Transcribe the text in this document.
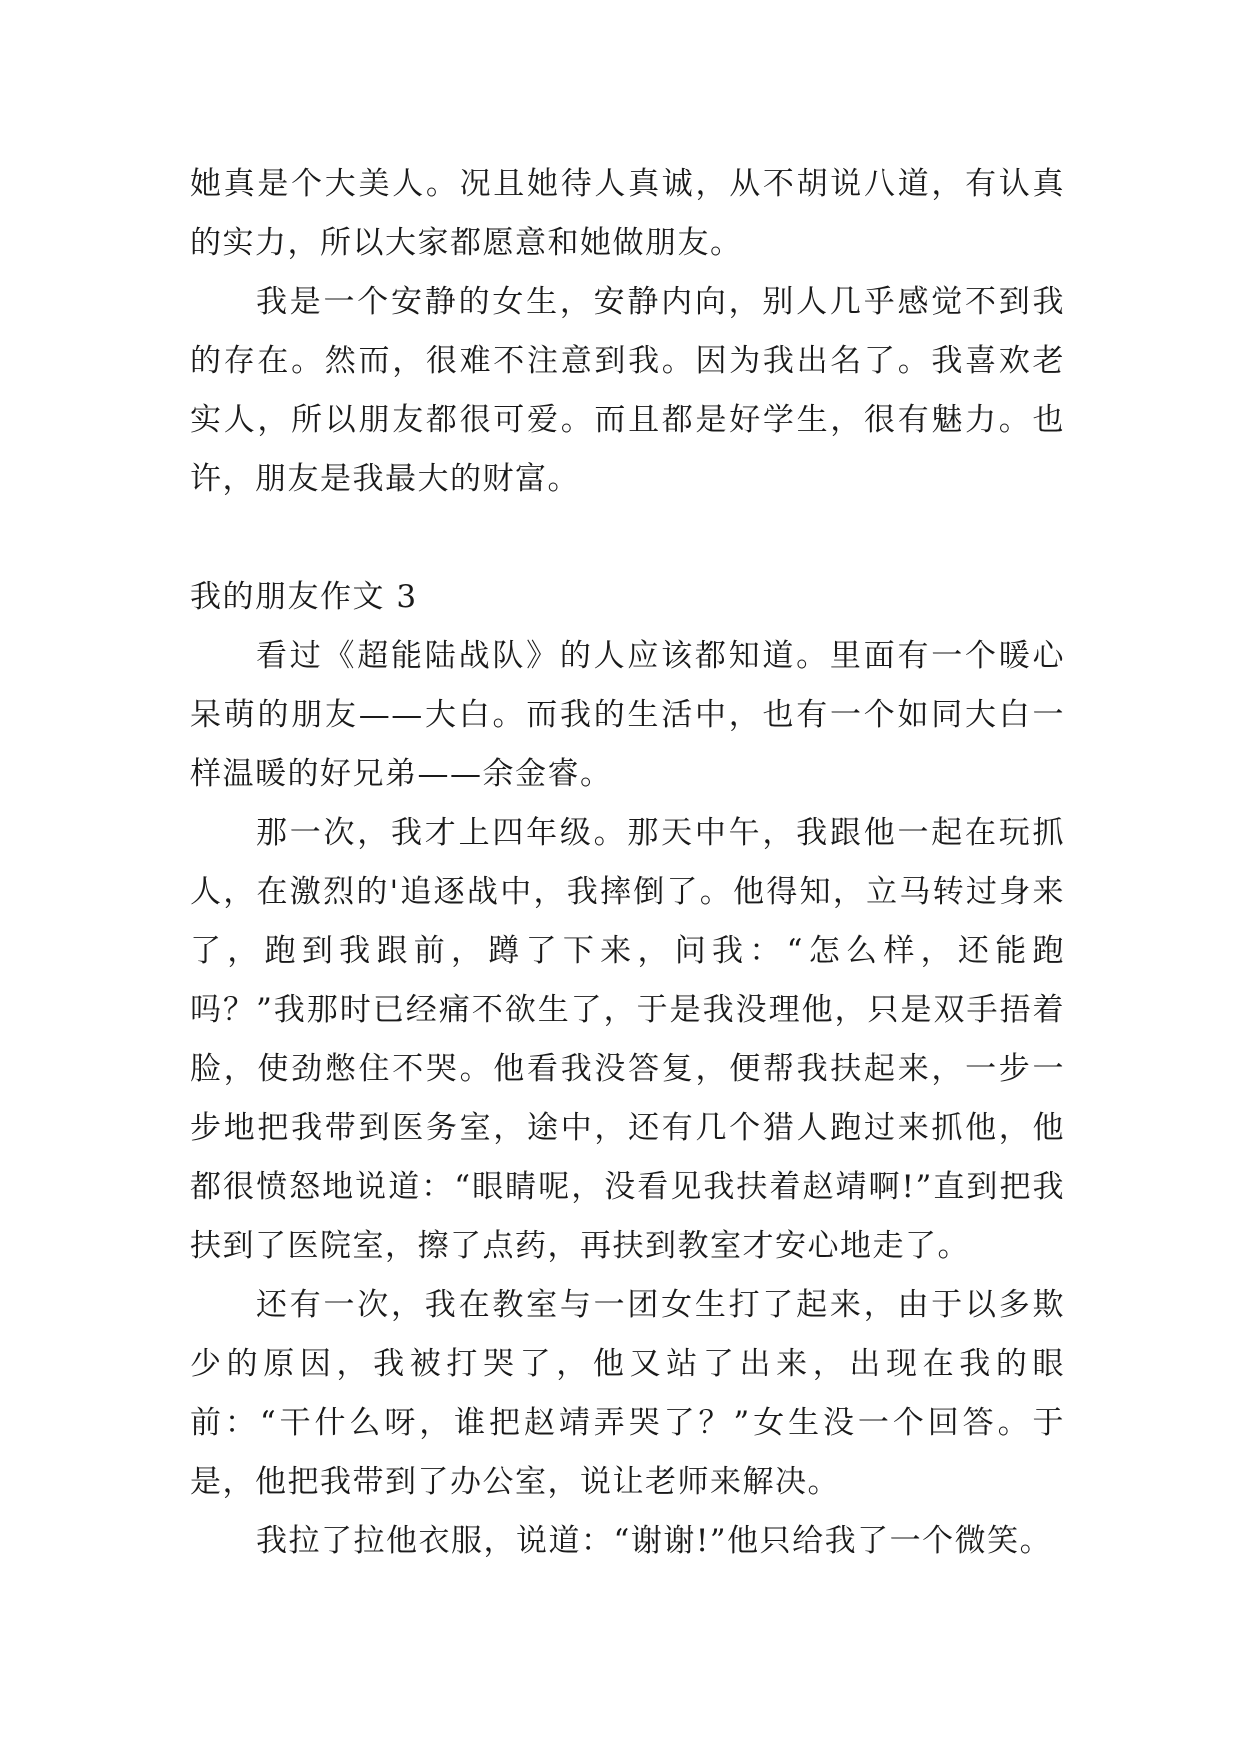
她真是个大美人。况且她待人真诚，从不胡说八道，有认真的实力，所以大家都愿意和她做朋友。

我是一个安静的女生，安静内向，别人几乎感觉不到我的存在。然而，很难不注意到我。因为我出名了。我喜欢老实人，所以朋友都很可爱。而且都是好学生，很有魅力。也许，朋友是我最大的财富。

我的朋友作文 3

看过《超能陆战队》的人应该都知道。里面有一个暖心呆萌的朋友——大白。而我的生活中，也有一个如同大白一样温暖的好兄弟——余金睿。

那一次，我才上四年级。那天中午，我跟他一起在玩抓人，在激烈的'追逐战中，我摔倒了。他得知，立马转过身来了，跑到我跟前，蹲了下来，问我：“怎么样，还能跑吗？”我那时已经痛不欲生了，于是我没理他，只是双手捂着脸，使劲憋住不哭。他看我没答复，便帮我扶起来，一步一步地把我带到医务室，途中，还有几个猎人跑过来抓他，他都很愤怒地说道：“眼睛呢，没看见我扶着赵靖啊!”直到把我扶到了医院室，擦了点药，再扶到教室才安心地走了。

还有一次，我在教室与一团女生打了起来，由于以多欺少的原因，我被打哭了，他又站了出来，出现在我的眼前：“干什么呀，谁把赵靖弄哭了？”女生没一个回答。于是，他把我带到了办公室，说让老师来解决。

我拉了拉他衣服，说道：“谢谢!”他只给我了一个微笑。
